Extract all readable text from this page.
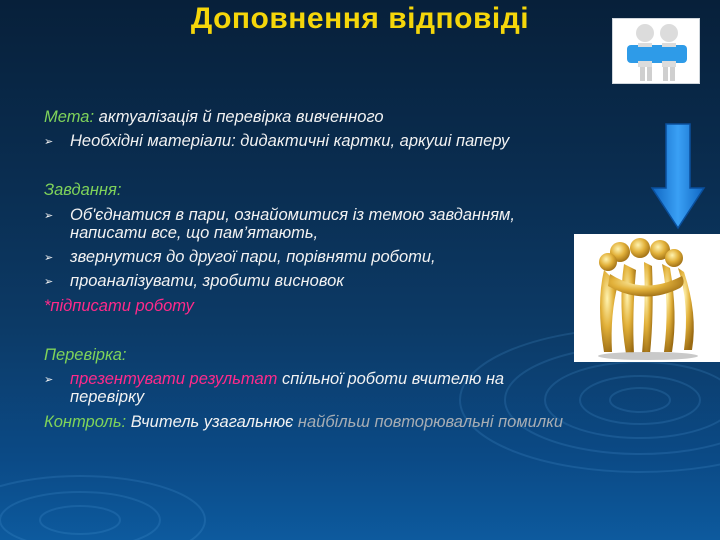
Доповнення відповіді
Мета: актуалізація й перевірка вивченного
➢ Необхідні матеріали: дидактичні картки, аркуші паперу
Завдання:
➢ Об'єднатися в пари, ознайомитися із темою завданням,
написати все, що пам’ятають,
➢ звернутися до другої пари, порівняти роботи,
➢ проаналізувати, зробити висновок
*підписати роботу
Перевірка:
➢ презентувати результат спільної роботи вчителю на
перевірку
Контроль: Вчитель узагальнює найбільш повторювальні помилки
